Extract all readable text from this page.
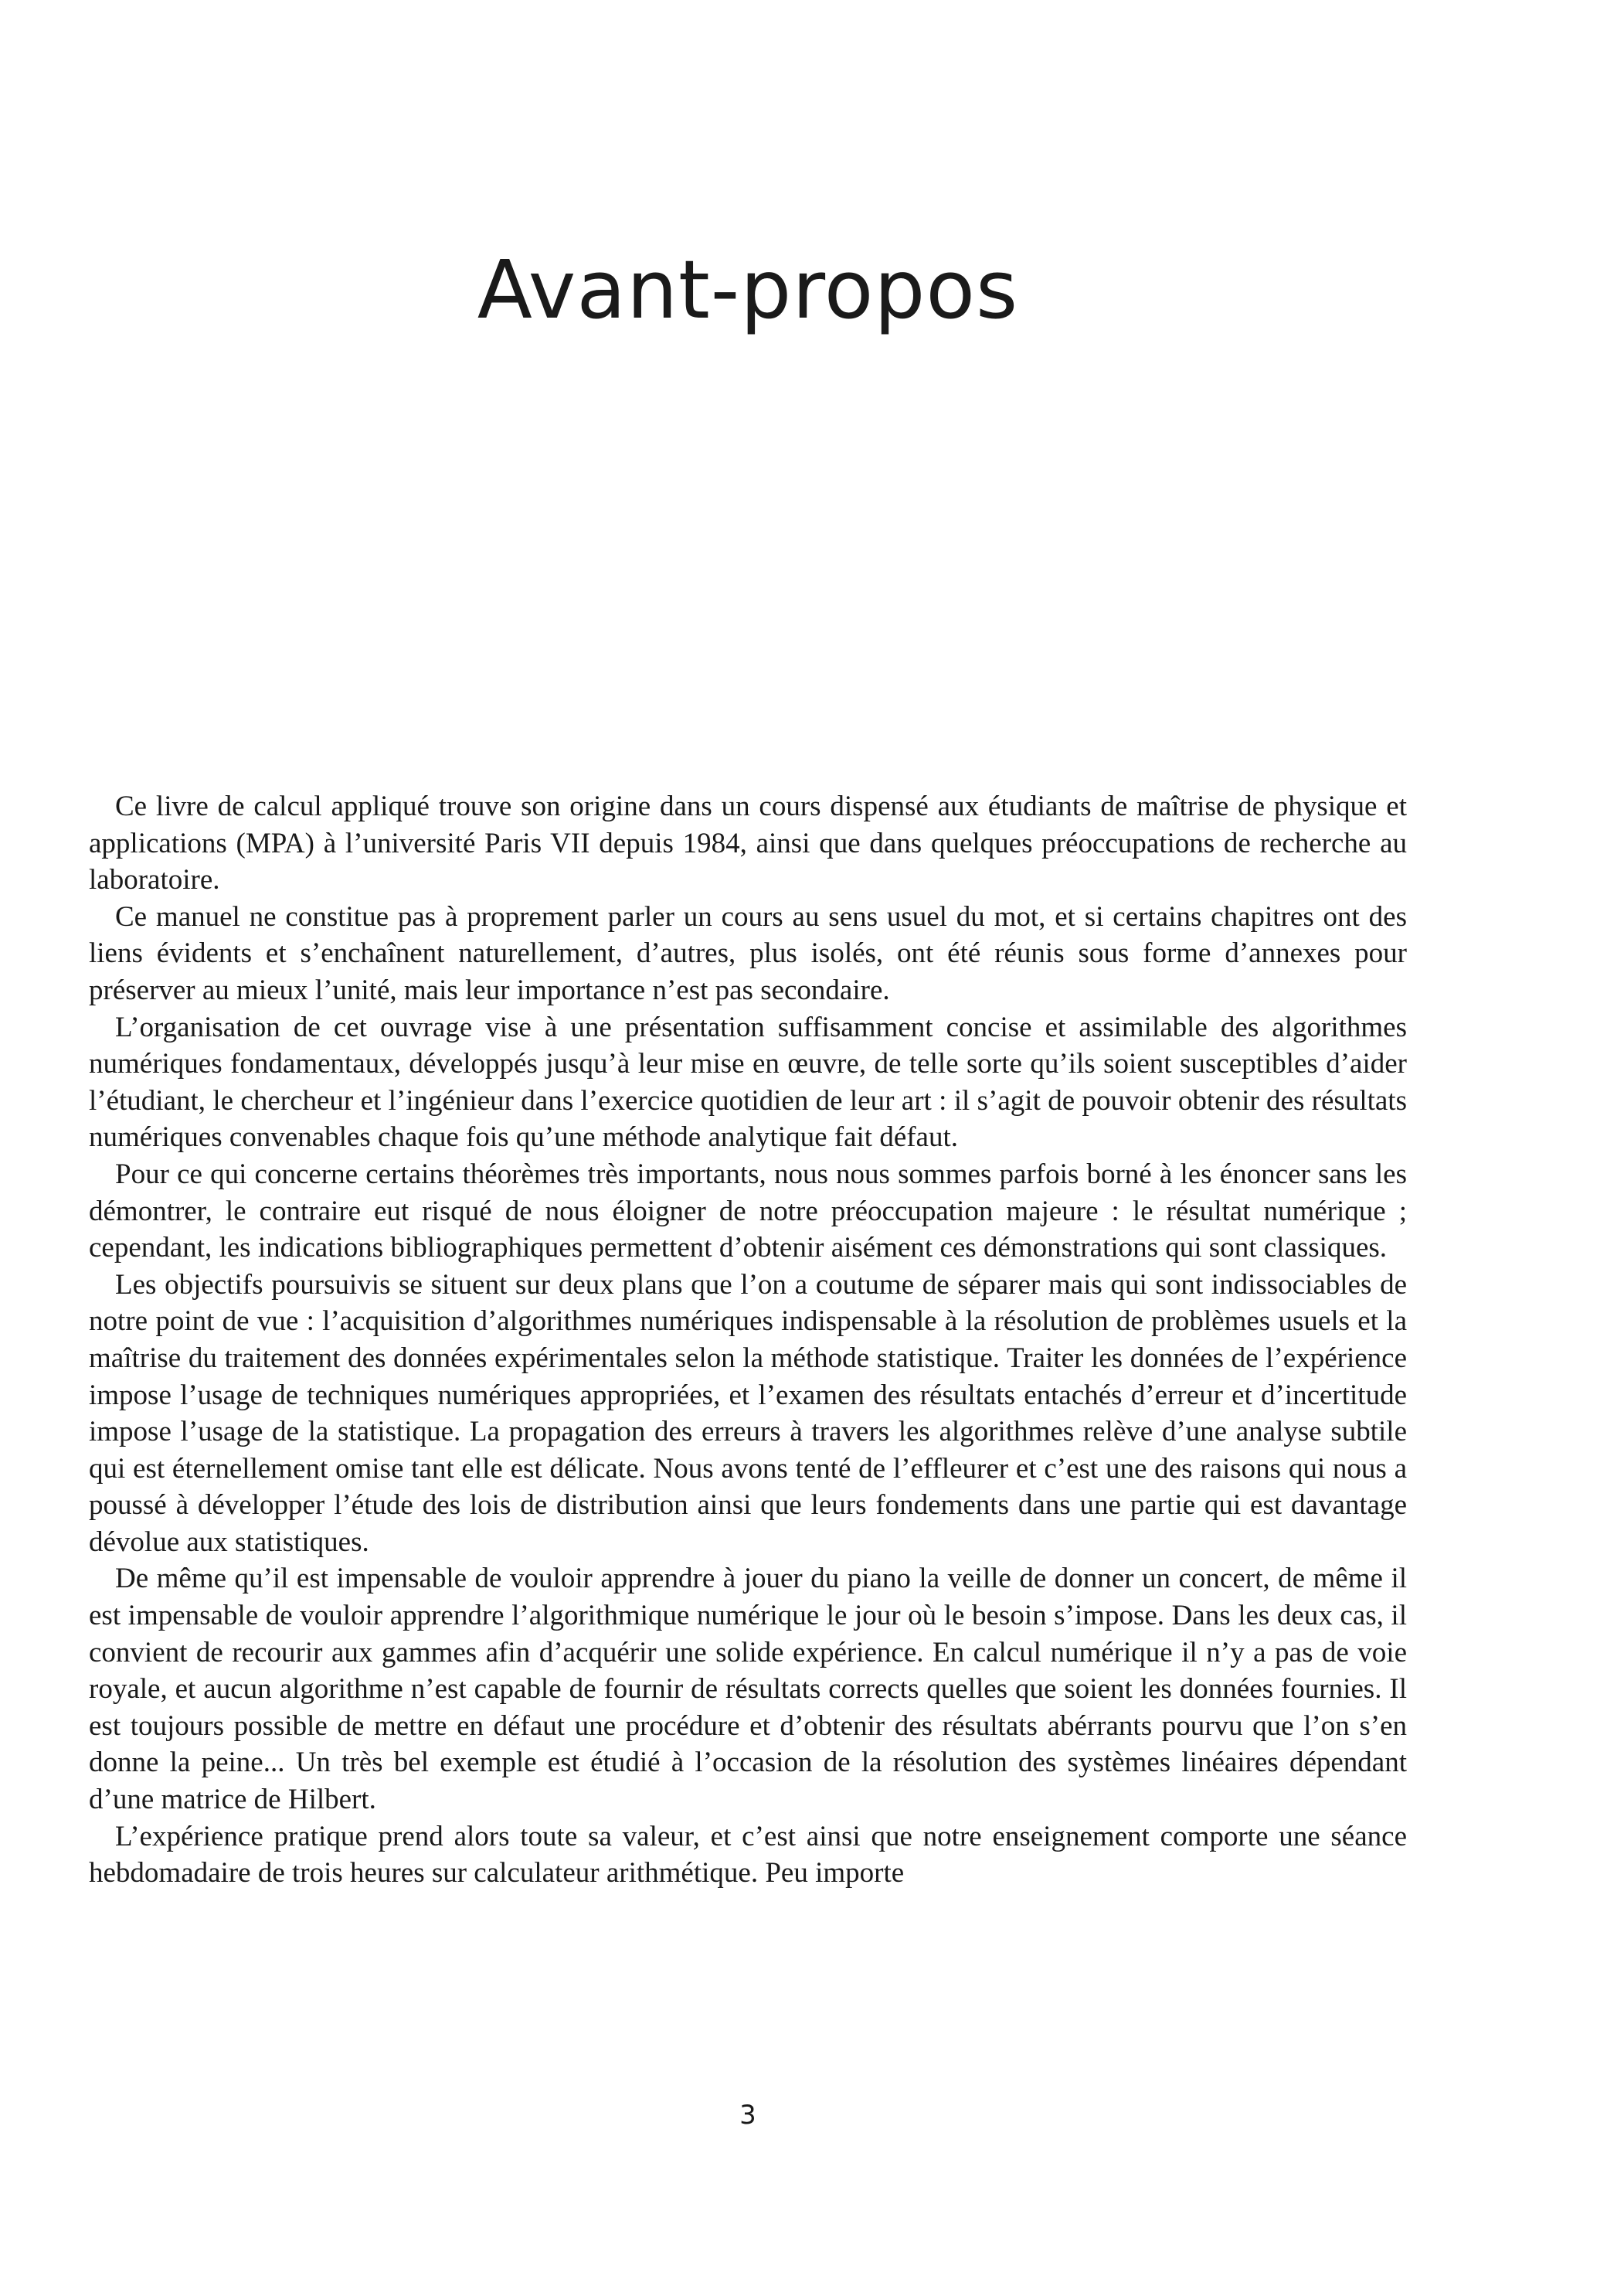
Avant-propos

Ce livre de calcul appliqué trouve son origine dans un cours dispensé aux étudiants de maîtrise de physique et applications (MPA) à l’université Paris VII depuis 1984, ainsi que dans quelques préoccupations de recherche au laboratoire.

Ce manuel ne constitue pas à proprement parler un cours au sens usuel du mot, et si certains chapitres ont des liens évidents et s’enchaînent naturellement, d’autres, plus isolés, ont été réunis sous forme d’annexes pour préserver au mieux l’unité, mais leur importance n’est pas secondaire.

L’organisation de cet ouvrage vise à une présentation suffisamment concise et assimilable des algorithmes numériques fondamentaux, développés jusqu’à leur mise en œuvre, de telle sorte qu’ils soient susceptibles d’aider l’étudiant, le chercheur et l’ingénieur dans l’exercice quotidien de leur art : il s’agit de pouvoir obtenir des résultats numériques convenables chaque fois qu’une méthode analytique fait défaut.

Pour ce qui concerne certains théorèmes très importants, nous nous sommes parfois borné à les énoncer sans les démontrer, le contraire eut risqué de nous éloigner de notre préoccupation majeure : le résultat numérique ; cependant, les indications bibliographiques permettent d’obtenir aisément ces démonstrations qui sont classiques.

Les objectifs poursuivis se situent sur deux plans que l’on a coutume de séparer mais qui sont indissociables de notre point de vue : l’acquisition d’algorithmes numériques indispensable à la résolution de problèmes usuels et la maîtrise du traitement des données expérimentales selon la méthode statistique. Traiter les données de l’expérience impose l’usage de techniques numériques appropriées, et l’examen des résultats entachés d’erreur et d’incertitude impose l’usage de la statistique. La propagation des erreurs à travers les algorithmes relève d’une analyse subtile qui est éternellement omise tant elle est délicate. Nous avons tenté de l’effleurer et c’est une des raisons qui nous a poussé à développer l’étude des lois de distribution ainsi que leurs fondements dans une partie qui est davantage dévolue aux statistiques.

De même qu’il est impensable de vouloir apprendre à jouer du piano la veille de donner un concert, de même il est impensable de vouloir apprendre l’algorithmique numérique le jour où le besoin s’impose. Dans les deux cas, il convient de recourir aux gammes afin d’acquérir une solide expérience. En calcul numérique il n’y a pas de voie royale, et aucun algorithme n’est capable de fournir de résultats corrects quelles que soient les données fournies. Il est toujours possible de mettre en défaut une procédure et d’obtenir des résultats abérrants pourvu que l’on s’en donne la peine... Un très bel exemple est étudié à l’occasion de la résolution des systèmes linéaires dépendant d’une matrice de Hilbert.

L’expérience pratique prend alors toute sa valeur, et c’est ainsi que notre enseignement comporte une séance hebdomadaire de trois heures sur calculateur arithmétique. Peu importe

3
